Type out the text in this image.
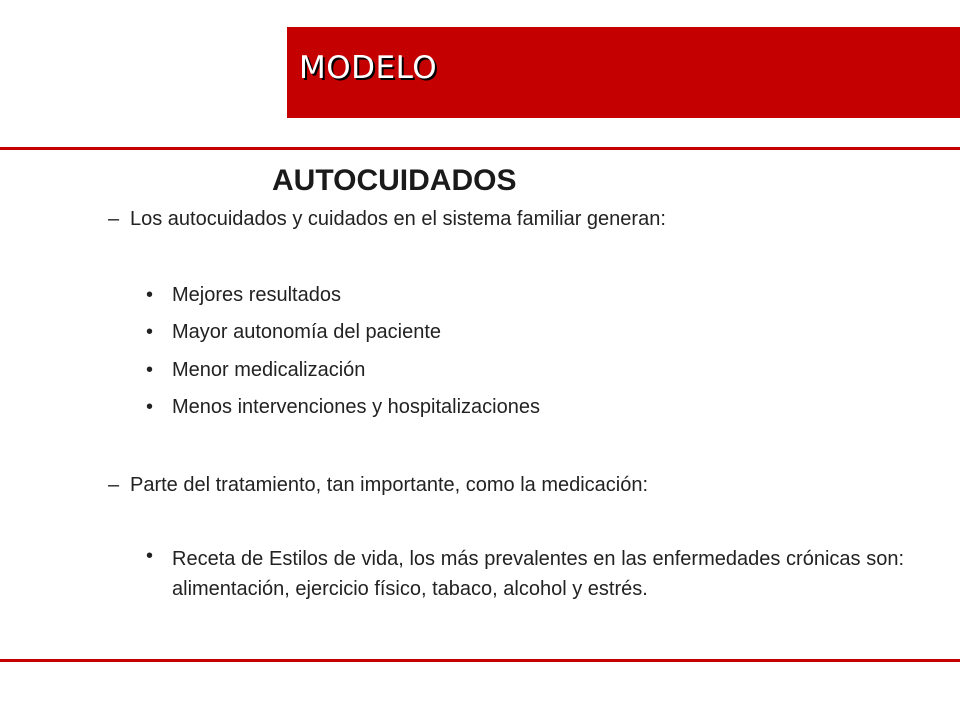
MODELO
AUTOCUIDADOS
– Los autocuidados y cuidados en el sistema familiar generan:
• Mejores resultados
• Mayor autonomía del paciente
• Menor medicalización
• Menos intervenciones y hospitalizaciones
– Parte del tratamiento, tan importante, como la medicación:
• Receta de Estilos de vida, los más prevalentes en las enfermedades crónicas son: alimentación, ejercicio físico, tabaco, alcohol y estrés.
